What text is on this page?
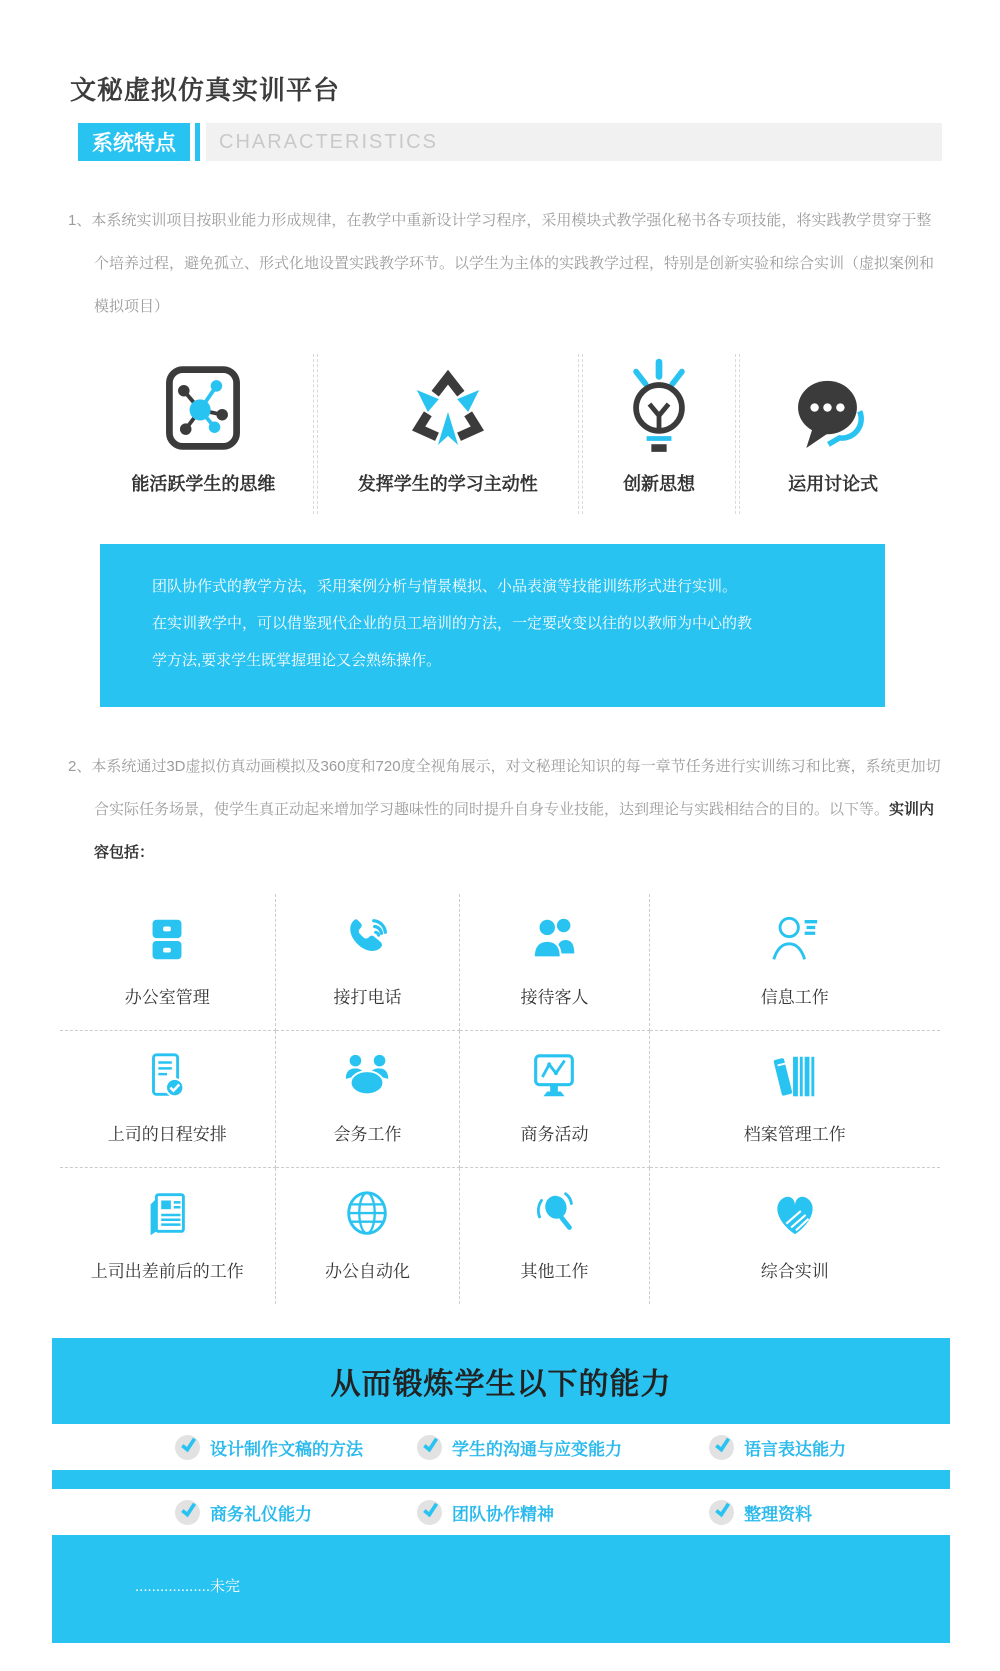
文秘虚拟仿真实训平台
系统特点	CHARACTERISTICS

1、本系统实训项目按职业能力形成规律，在教学中重新设计学习程序，采用模块式教学强化秘书各专项技能，将实践教学贯穿于整个培养过程，避免孤立、形式化地设置实践教学环节。以学生为主体的实践教学过程，特别是创新实验和综合实训（虚拟案例和模拟项目）

能活跃学生的思维	发挥学生的学习主动性	创新思想	运用讨论式
团队协作式的教学方法，采用案例分析与情景模拟、小品表演等技能训练形式进行实训。
在实训教学中，可以借鉴现代企业的员工培训的方法，一定要改变以往的以教师为中心的教
学方法,要求学生既掌握理论又会熟练操作。

2、本系统通过3D虚拟仿真动画模拟及360度和720度全视角展示，对文秘理论知识的每一章节任务进行实训练习和比赛，系统更加切合实际任务场景，使学生真正动起来增加学习趣味性的同时提升自身专业技能，达到理论与实践相结合的目的。以下等。实训内容包括：

办公室管理	接打电话	接待客人	信息工作
上司的日程安排	会务工作	商务活动	档案管理工作
上司出差前后的工作	办公自动化	其他工作	综合实训
从而锻炼学生以下的能力
设计制作文稿的方法	学生的沟通与应变能力	语言表达能力
商务礼仪能力	团队协作精神	整理资料
..................未完
